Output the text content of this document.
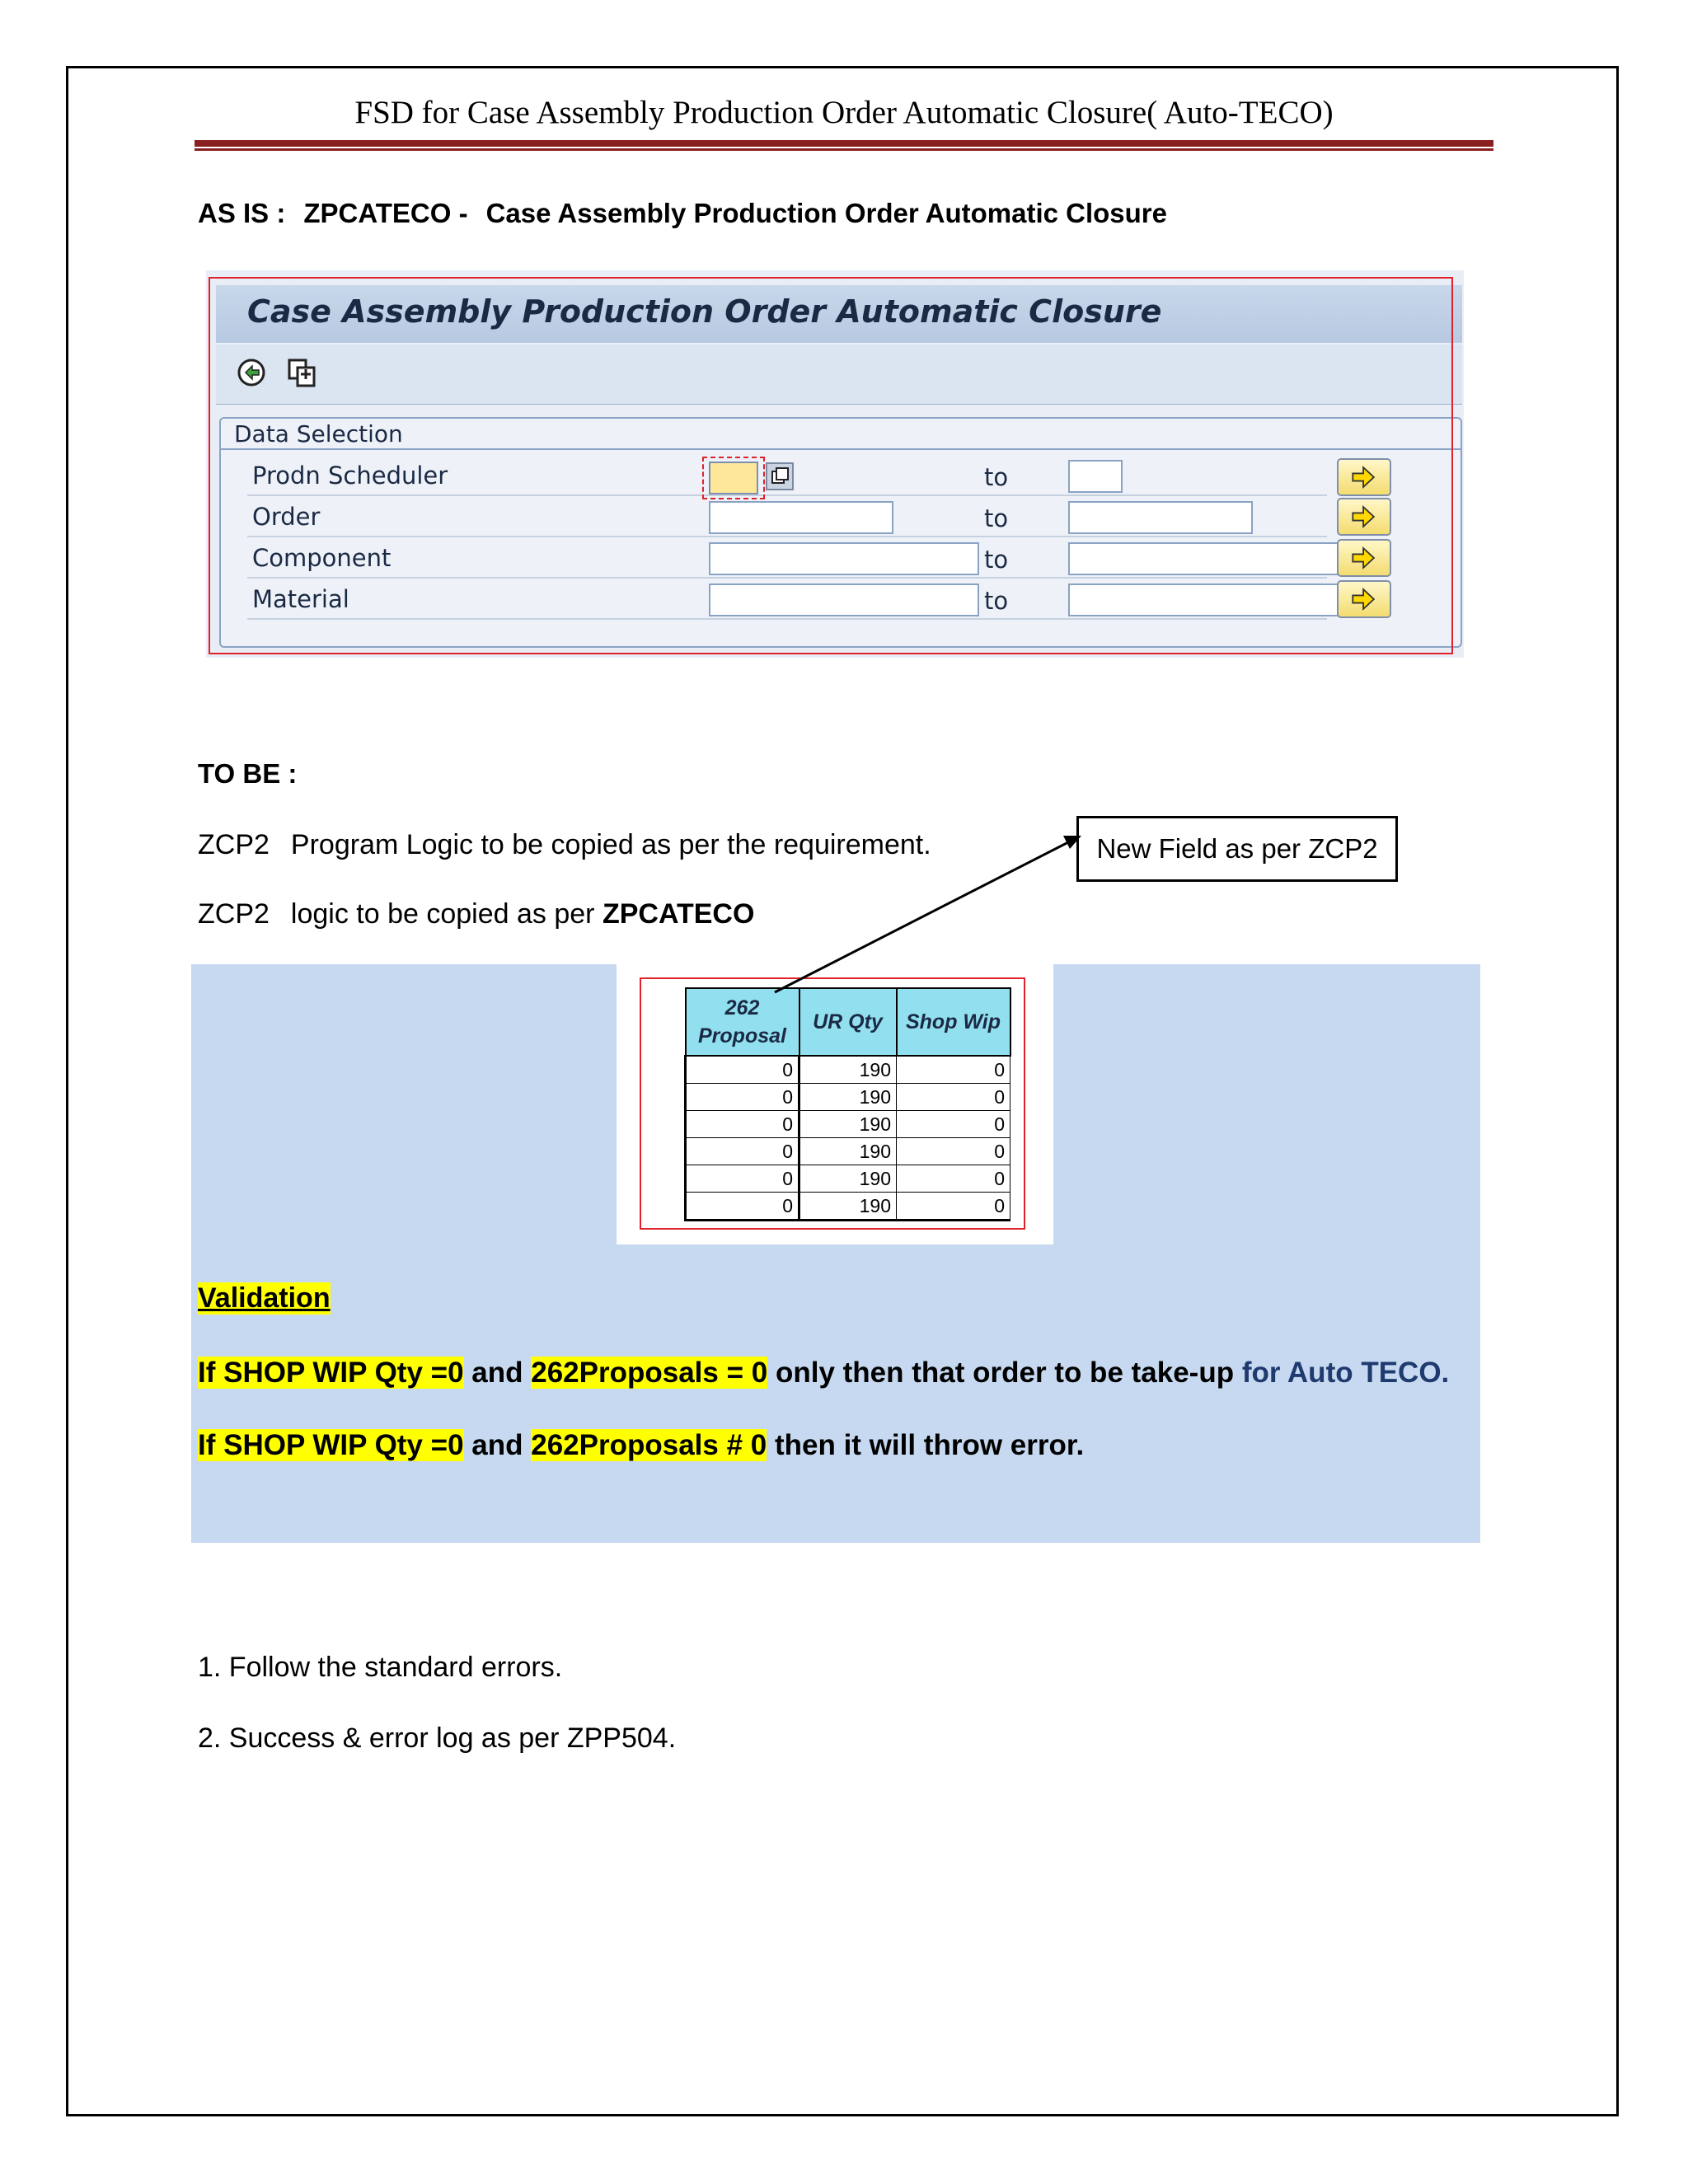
FSD for Case Assembly Production Order Automatic Closure( Auto-TECO)
AS IS : ZPCATECO - Case Assembly Production Order Automatic Closure
Case Assembly Production Order Automatic Closure
Data Selection
Prodn Scheduler	to
Order	to
Component	to
Material	to
TO BE :
ZCP2 Program Logic to be copied as per the requirement.
ZCP2 logic to be copied as per ZPCATECO
New Field as per ZCP2
262 Proposal	UR Qty	Shop Wip
0	190	0
0	190	0
0	190	0
0	190	0
0	190	0
0	190	0
Validation
If SHOP WIP Qty =0 and 262Proposals = 0 only then that order to be take-up for Auto TECO.
If SHOP WIP Qty =0 and 262Proposals # 0 then it will throw error.
1. Follow the standard errors.
2. Success & error log as per ZPP504.
